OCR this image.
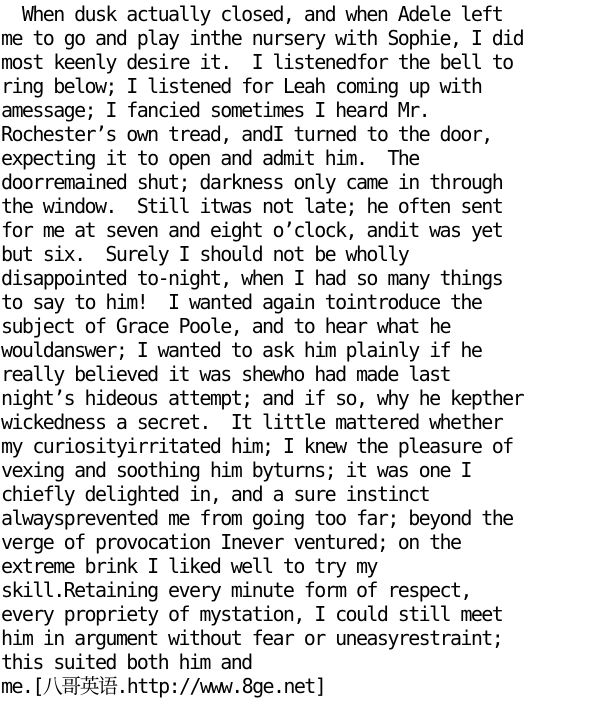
When dusk actually closed, and when Adele left
me to go and play inthe nursery with Sophie, I did
most keenly desire it.  I listenedfor the bell to
ring below; I listened for Leah coming up with
amessage; I fancied sometimes I heard Mr.
Rochester’s own tread, andI turned to the door,
expecting it to open and admit him.  The
doorremained shut; darkness only came in through
the window.  Still itwas not late; he often sent
for me at seven and eight o’clock, andit was yet
but six.  Surely I should not be wholly
disappointed to-night, when I had so many things
to say to him!  I wanted again tointroduce the
subject of Grace Poole, and to hear what he
wouldanswer; I wanted to ask him plainly if he
really believed it was shewho had made last
night’s hideous attempt; and if so, why he kepther
wickedness a secret.  It little mattered whether
my curiosityirritated him; I knew the pleasure of
vexing and soothing him byturns; it was one I
chiefly delighted in, and a sure instinct
alwaysprevented me from going too far; beyond the
verge of provocation Inever ventured; on the
extreme brink I liked well to try my
skill.Retaining every minute form of respect,
every propriety of mystation, I could still meet
him in argument without fear or uneasyrestraint;
this suited both him and
me.[八哥英语.http://www.8ge.net]
